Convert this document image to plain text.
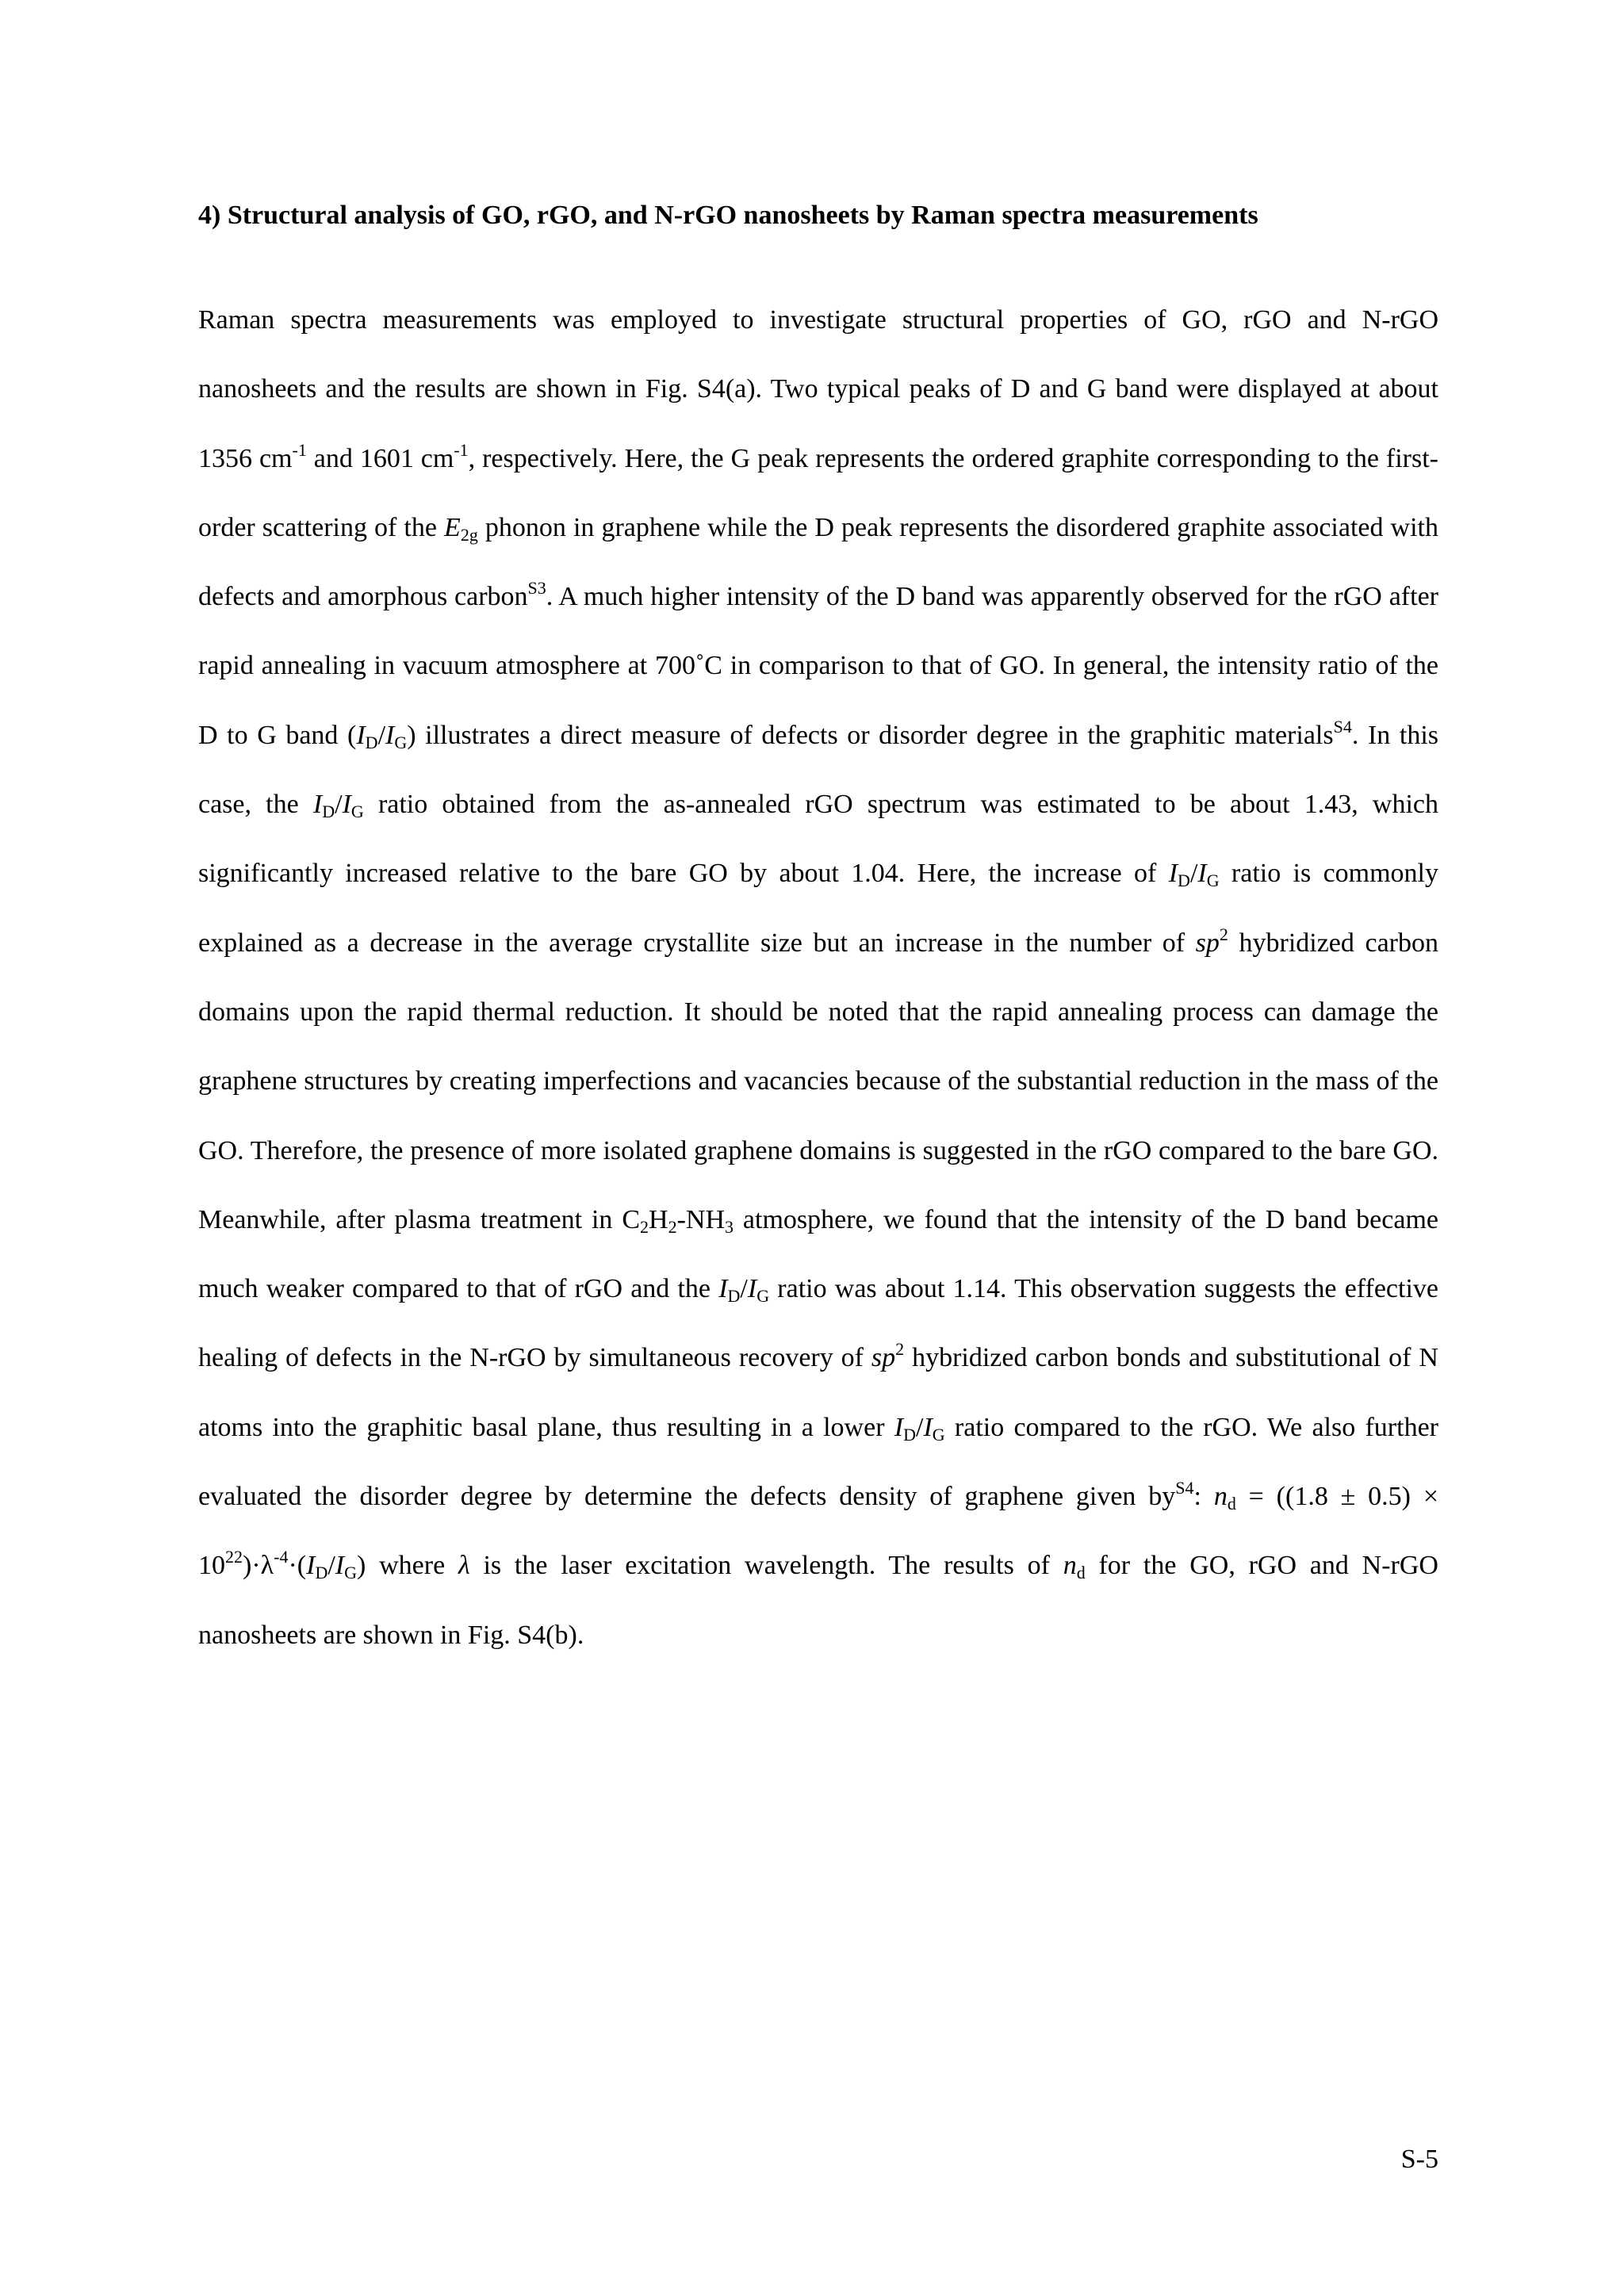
4) Structural analysis of GO, rGO, and N-rGO nanosheets by Raman spectra measurements

Raman spectra measurements was employed to investigate structural properties of GO, rGO and N-rGO nanosheets and the results are shown in Fig. S4(a). Two typical peaks of D and G band were displayed at about 1356 $cm^{-1}$ and 1601 $cm^{-1}$, respectively. Here, the G peak represents the ordered graphite corresponding to the first-order scattering of the $E_{2g}$ phonon in graphene while the D peak represents the disordered graphite associated with defects and amorphous carbon$^{S3}$. A much higher intensity of the D band was apparently observed for the rGO after rapid annealing in vacuum atmosphere at 700˚C in comparison to that of GO. In general, the intensity ratio of the D to G band $(I_D/I_G)$ illustrates a direct measure of defects or disorder degree in the graphitic materials$^{S4}$. In this case, the $I_D/I_G$ ratio obtained from the as-annealed rGO spectrum was estimated to be about 1.43, which significantly increased relative to the bare GO by about 1.04. Here, the increase of $I_D/I_G$ ratio is commonly explained as a decrease in the average crystallite size but an increase in the number of $sp^2$ hybridized carbon domains upon the rapid thermal reduction. It should be noted that the rapid annealing process can damage the graphene structures by creating imperfections and vacancies because of the substantial reduction in the mass of the GO. Therefore, the presence of more isolated graphene domains is suggested in the rGO compared to the bare GO. Meanwhile, after plasma treatment in $C_2H_2-NH_3$ atmosphere, we found that the intensity of the D band became much weaker compared to that of rGO and the $I_D/I_G$ ratio was about 1.14. This observation suggests the effective healing of defects in the N-rGO by simultaneous recovery of $sp^2$ hybridized carbon bonds and substitutional of N atoms into the graphitic basal plane, thus resulting in a lower $I_D/I_G$ ratio compared to the rGO. We also further evaluated the disorder degree by determine the defects density of graphene given $by^{S4}$: $n_d = ((1.8 \pm 0.5) \times 10^{22})\cdot\lambda^{-4}\cdot(I_D/I_G)$ where λ is the laser excitation wavelength. The results of $n_d$ for the GO, rGO and N-rGO nanosheets are shown in Fig. S4(b).

S-5
